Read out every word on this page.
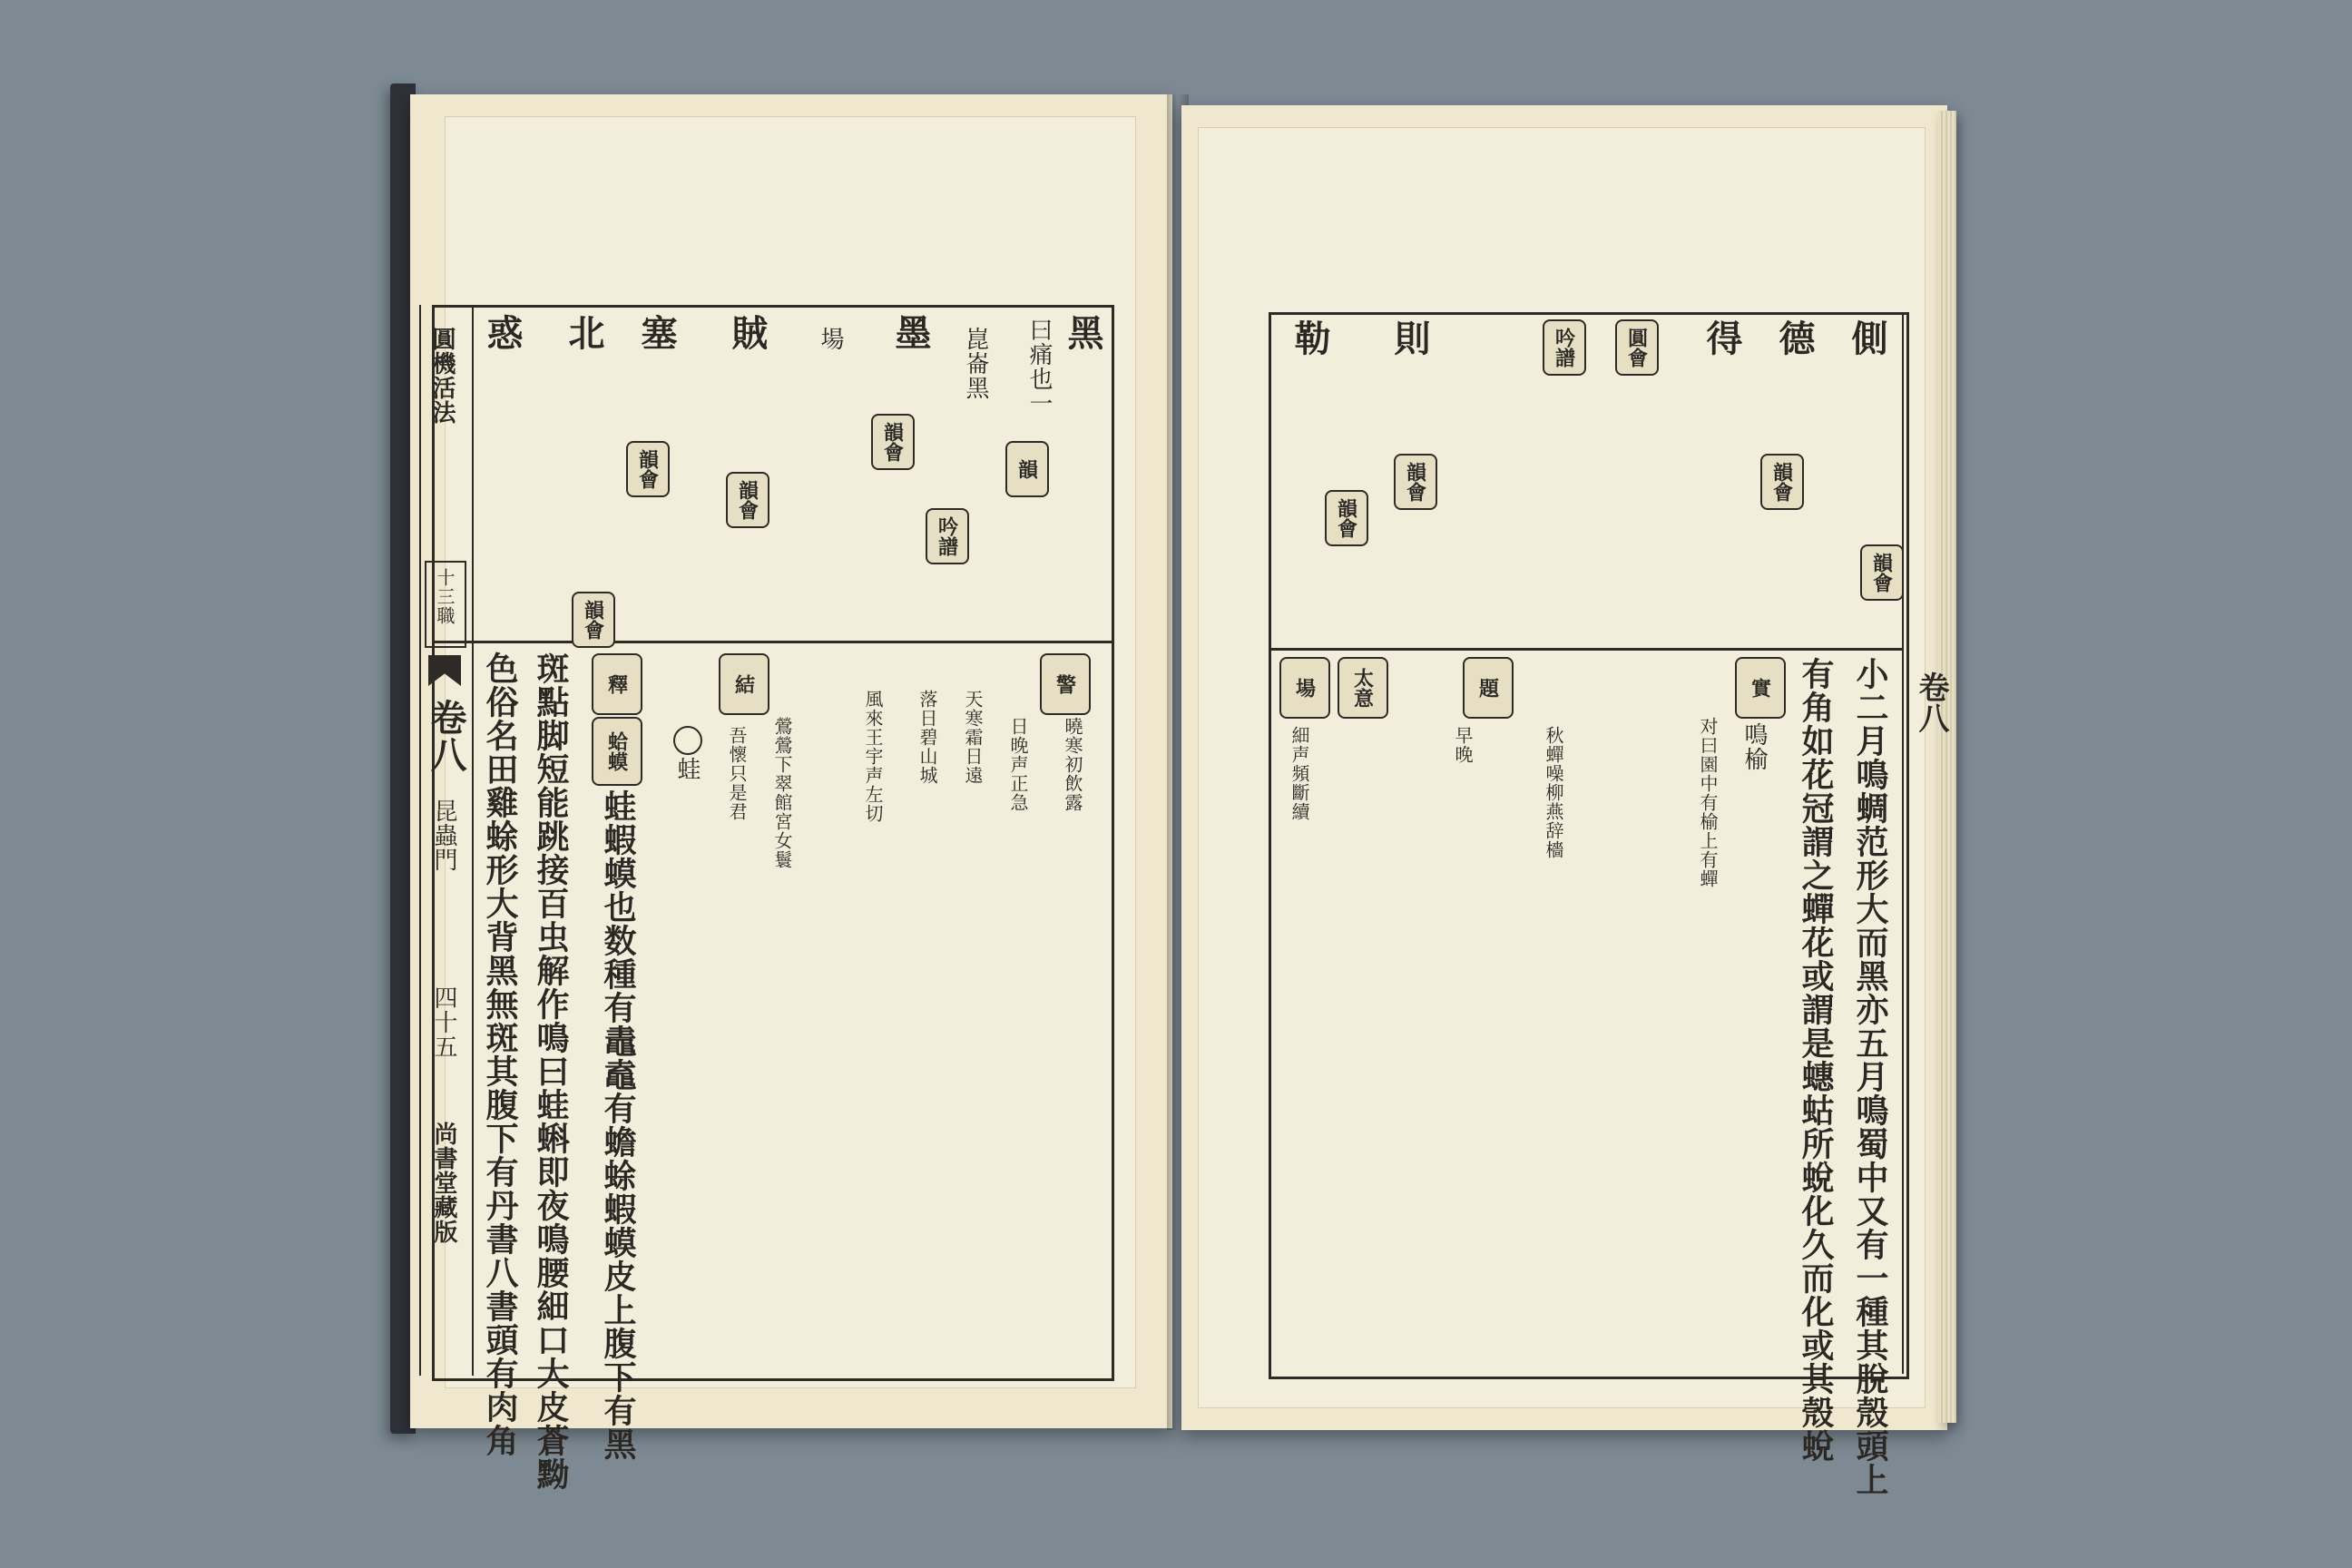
黑
曰痛也一
崑崙黑
墨
場
賊
塞
北
惑
韻
韻會
吟譜
韻會
韻會
韻會
圓機活法
十三職
卷八
昆蟲門
四十五
尚書堂藏版
警
結
釋
蛤蟆
色俗名田雞蜍形大背黑無斑其腹下有丹書八書頭有肉角 斑點脚短能跳接百虫解作鳴曰蛙蝌即夜鳴腰細口大皮蒼黝 蛙蝦蟆也数種有鼃鼁有蟾蜍蝦蟆皮上腹下有黑
蛙 吾懷只是君 鶯鶯下翠館宮女鬟	風來王宇声左切 落日碧山城 天寒霜日遠 日晚声正急 曉寒初飲露
側
德
得
則
勒
韻會
韻會
圓會
吟譜
韻會
韻會
小二月鳴蜩范形大而黑亦五月鳴蜀中又有一種其脫殼頭上
有角如花冠謂之蟬花或謂是蟪蛄所蛻化久而化或其殼蛻
實
鳴榆
对曰園中有榆上有蟬
題
秋蟬噪柳燕辞檣
早晚
太意
場
細声頻斷續
卷八
